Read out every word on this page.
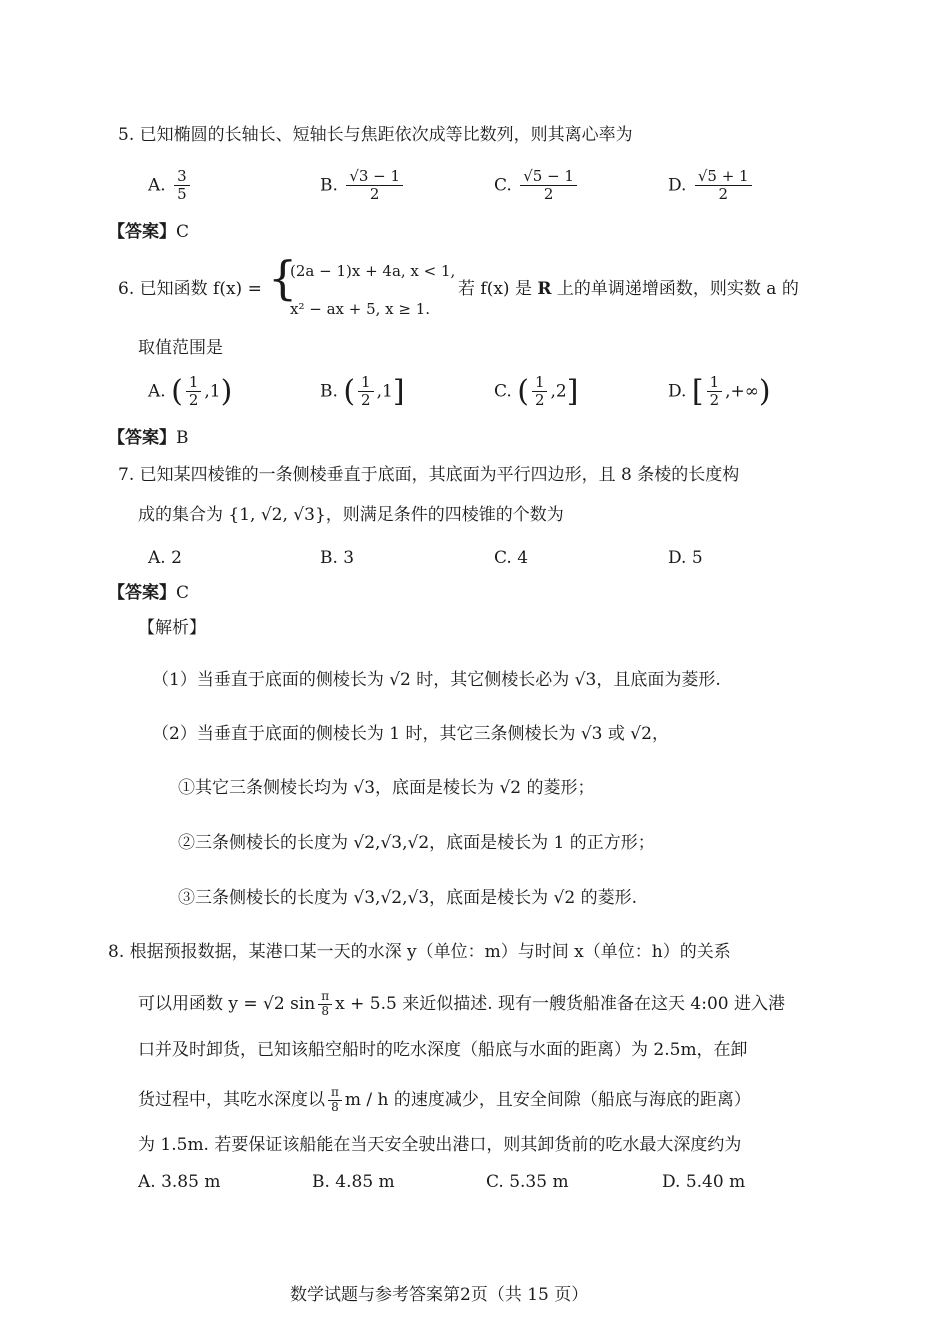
5. 已知椭圆的长轴长、短轴长与焦距依次成等比数列，则其离心率为
A. $\frac{3}{5}$	B. $\frac{√3 - 1}{2}$	C. $\frac{√5 - 1}{2}$	D. $\frac{√5 + 1}{2}$
【答案】C
6. 已知函数 f(x) = {
(2a − 1)x + 4a, x < 1,
x² − ax + 5, x ≥ 1.
若 f(x) 是 R 上的单调递增函数，则实数 a 的
取值范围是
A. ( $\frac{1}{2} ,1$)	B. ( $\frac{1}{2} ,1$]	C. ( $\frac{1}{2} ,2$]	D. [ $\frac{1}{2}$ ,+∞)
【答案】B
7. 已知某四棱锥的一条侧棱垂直于底面，其底面为平行四边形，且 8 条棱的长度构
成的集合为 {1, √2, √3}，则满足条件的四棱锥的个数为
A. 2	B. 3	C. 4	D. 5
【答案】C
【解析】
（1）当垂直于底面的侧棱长为 √2 时，其它侧棱长必为 √3，且底面为菱形.
（2）当垂直于底面的侧棱长为 1 时，其它三条侧棱长为 √3 或 √2，
①其它三条侧棱长均为 √3，底面是棱长为 √2 的菱形；
②三条侧棱长的长度为 √2,√3,√2，底面是棱长为 1 的正方形；
③三条侧棱长的长度为 √3,√2,√3，底面是棱长为 √2 的菱形.
8. 根据预报数据，某港口某一天的水深 y（单位：m）与时间 x（单位：h）的关系
可以用函数 y = √2 $\sin \frac{\pi}{8}$ x + 5.5 来近似描述. 现有一艘货船准备在这天 4:00 进入港
口并及时卸货，已知该船空船时的吃水深度（船底与水面的距离）为 2.5m，在卸
货过程中，其吃水深度以 $\frac{\pi}{8}$ m / h 的速度减少，且安全间隙（船底与海底的距离）
为 1.5m. 若要保证该船能在当天安全驶出港口，则其卸货前的吃水最大深度约为
A. 3.85 m	B. 4.85 m	C. 5.35 m	D. 5.40 m
数学试题与参考答案第2页（共 15 页）
